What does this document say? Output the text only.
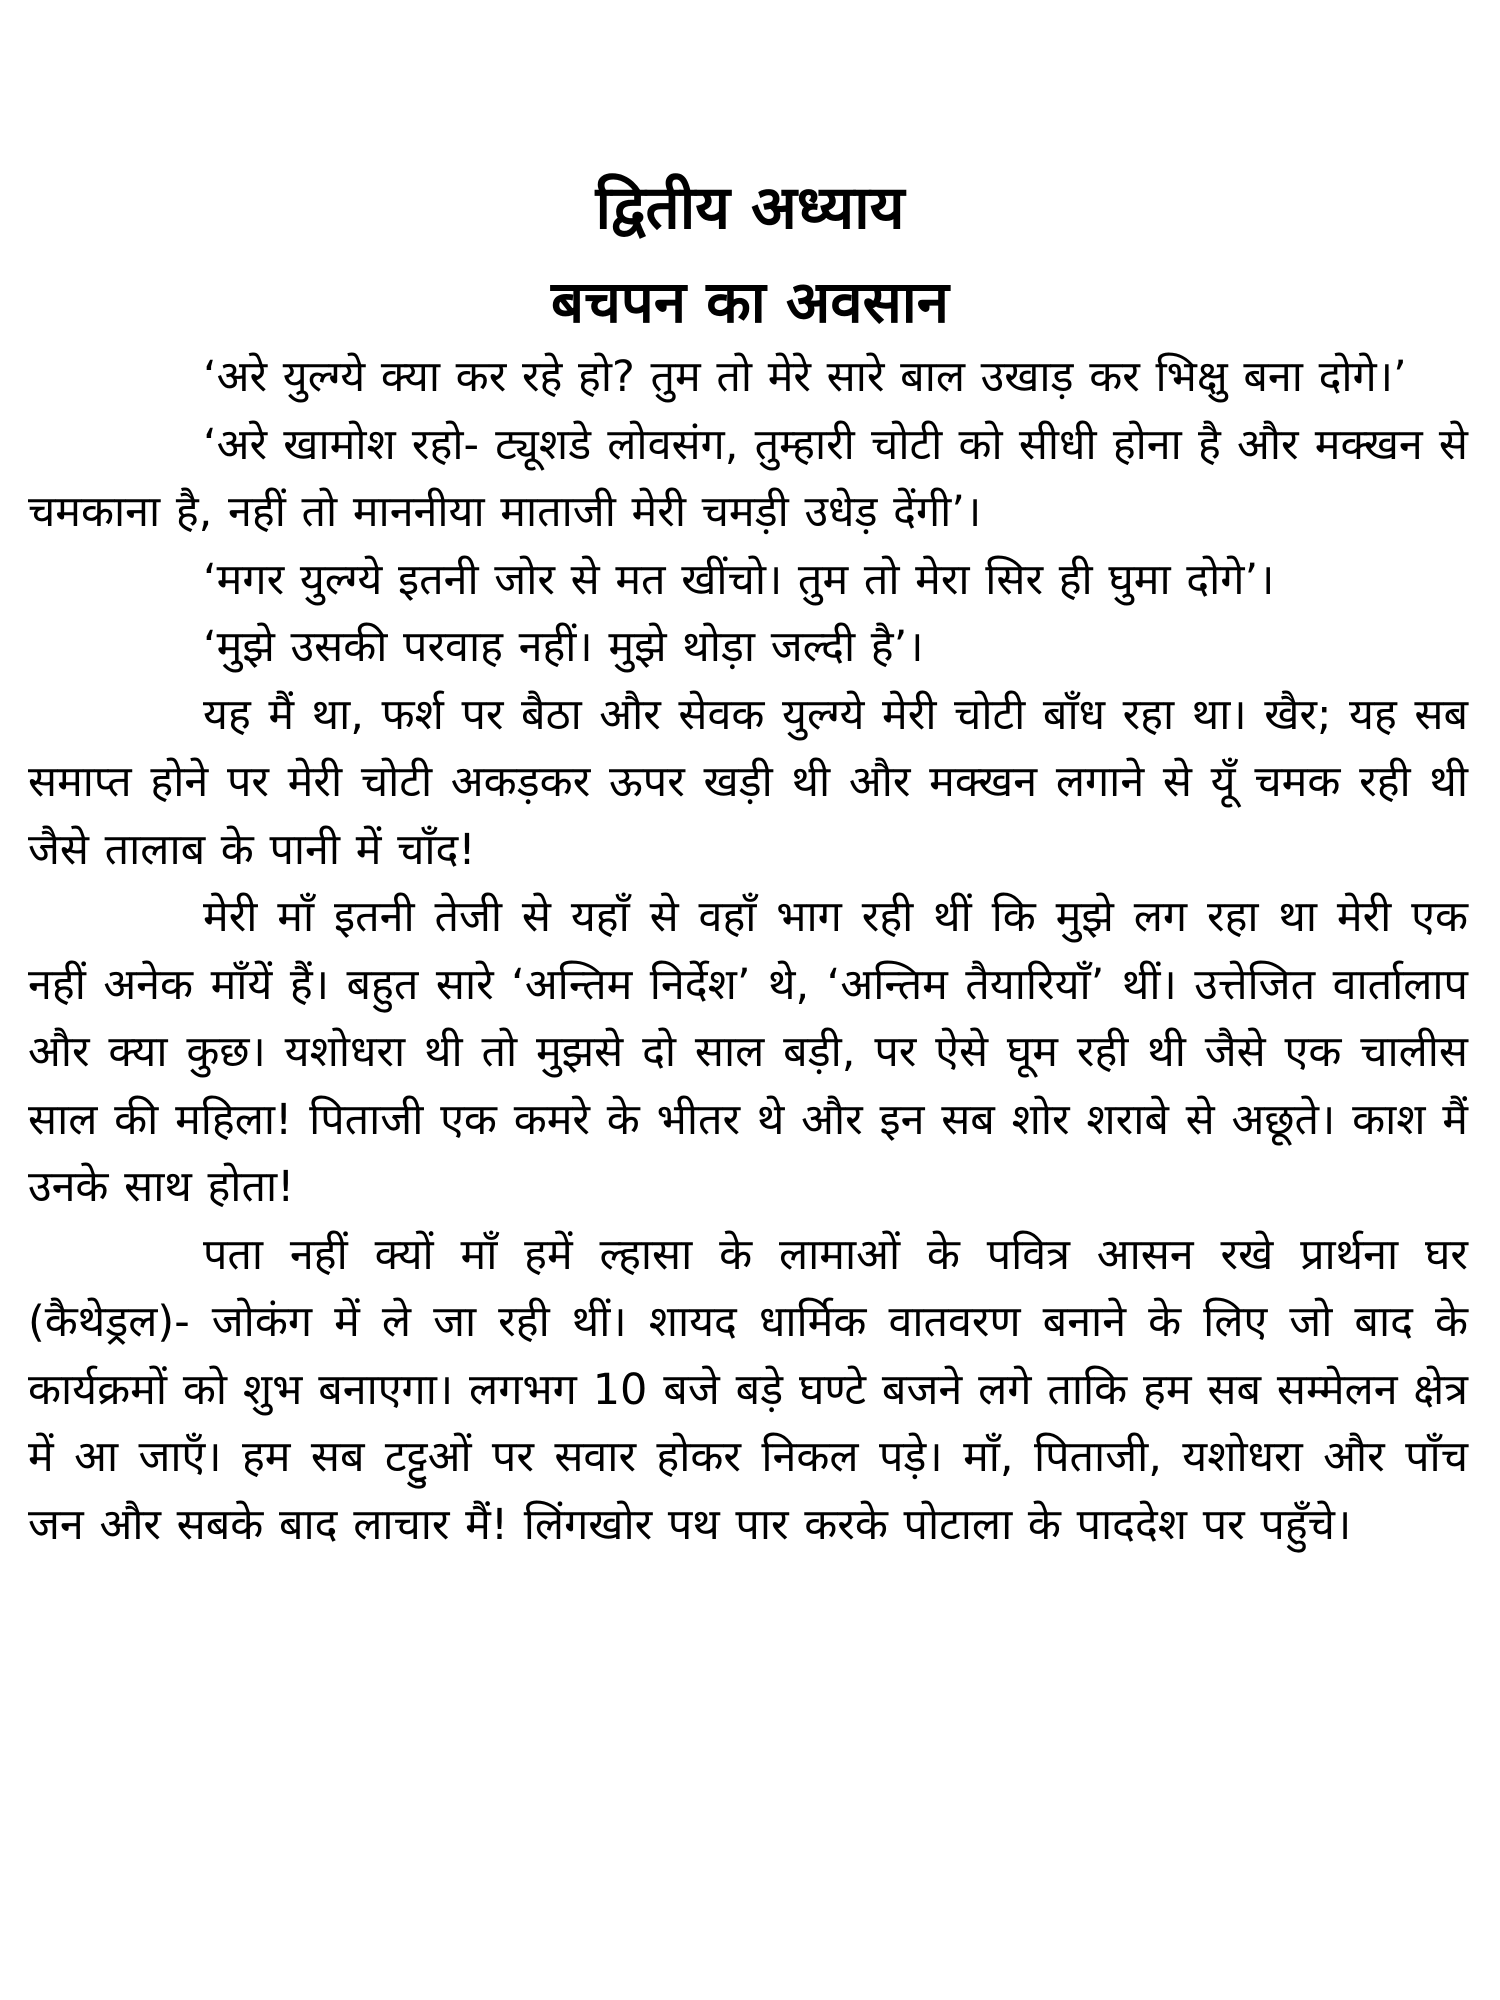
द्वितीय अध्याय
बचपन का अवसान

‘अरे युल्ग्ये क्या कर रहे हो? तुम तो मेरे सारे बाल उखाड़ कर भिक्षु बना दोगे।’

‘अरे खामोश रहो- ट्यूशडे लोवसंग, तुम्हारी चोटी को सीधी होना है और मक्खन से चमकाना है, नहीं तो माननीया माताजी मेरी चमड़ी उधेड़ देंगी’।

‘मगर युल्ग्ये इतनी जोर से मत खींचो। तुम तो मेरा सिर ही घुमा दोगे’।

‘मुझे उसकी परवाह नहीं। मुझे थोड़ा जल्दी है’।

यह मैं था, फर्श पर बैठा और सेवक युल्ग्ये मेरी चोटी बाँध रहा था। खैर; यह सब समाप्त होने पर मेरी चोटी अकड़कर ऊपर खड़ी थी और मक्खन लगाने से यूँ चमक रही थी जैसे तालाब के पानी में चाँद!

मेरी माँ इतनी तेजी से यहाँ से वहाँ भाग रही थीं कि मुझे लग रहा था मेरी एक नहीं अनेक माँयें हैं। बहुत सारे ‘अन्तिम निर्देश’ थे, ‘अन्तिम तैयारियाँ’ थीं। उत्तेजित वार्तालाप और क्या कुछ। यशोधरा थी तो मुझसे दो साल बड़ी, पर ऐसे घूम रही थी जैसे एक चालीस साल की महिला! पिताजी एक कमरे के भीतर थे और इन सब शोर शराबे से अछूते। काश मैं उनके साथ होता!

पता नहीं क्यों माँ हमें ल्हासा के लामाओं के पवित्र आसन रखे प्रार्थना घर (कैथेड्रल)- जोकंग में ले जा रही थीं। शायद धार्मिक वातवरण बनाने के लिए जो बाद के कार्यक्रमों को शुभ बनाएगा। लगभग 10 बजे बड़े घण्टे बजने लगे ताकि हम सब सम्मेलन क्षेत्र में आ जाएँ। हम सब टट्टुओं पर सवार होकर निकल पड़े। माँ, पिताजी, यशोधरा और पाँच जन और सबके बाद लाचार मैं! लिंगखोर पथ पार करके पोटाला के पाददेश पर पहुँचे।
